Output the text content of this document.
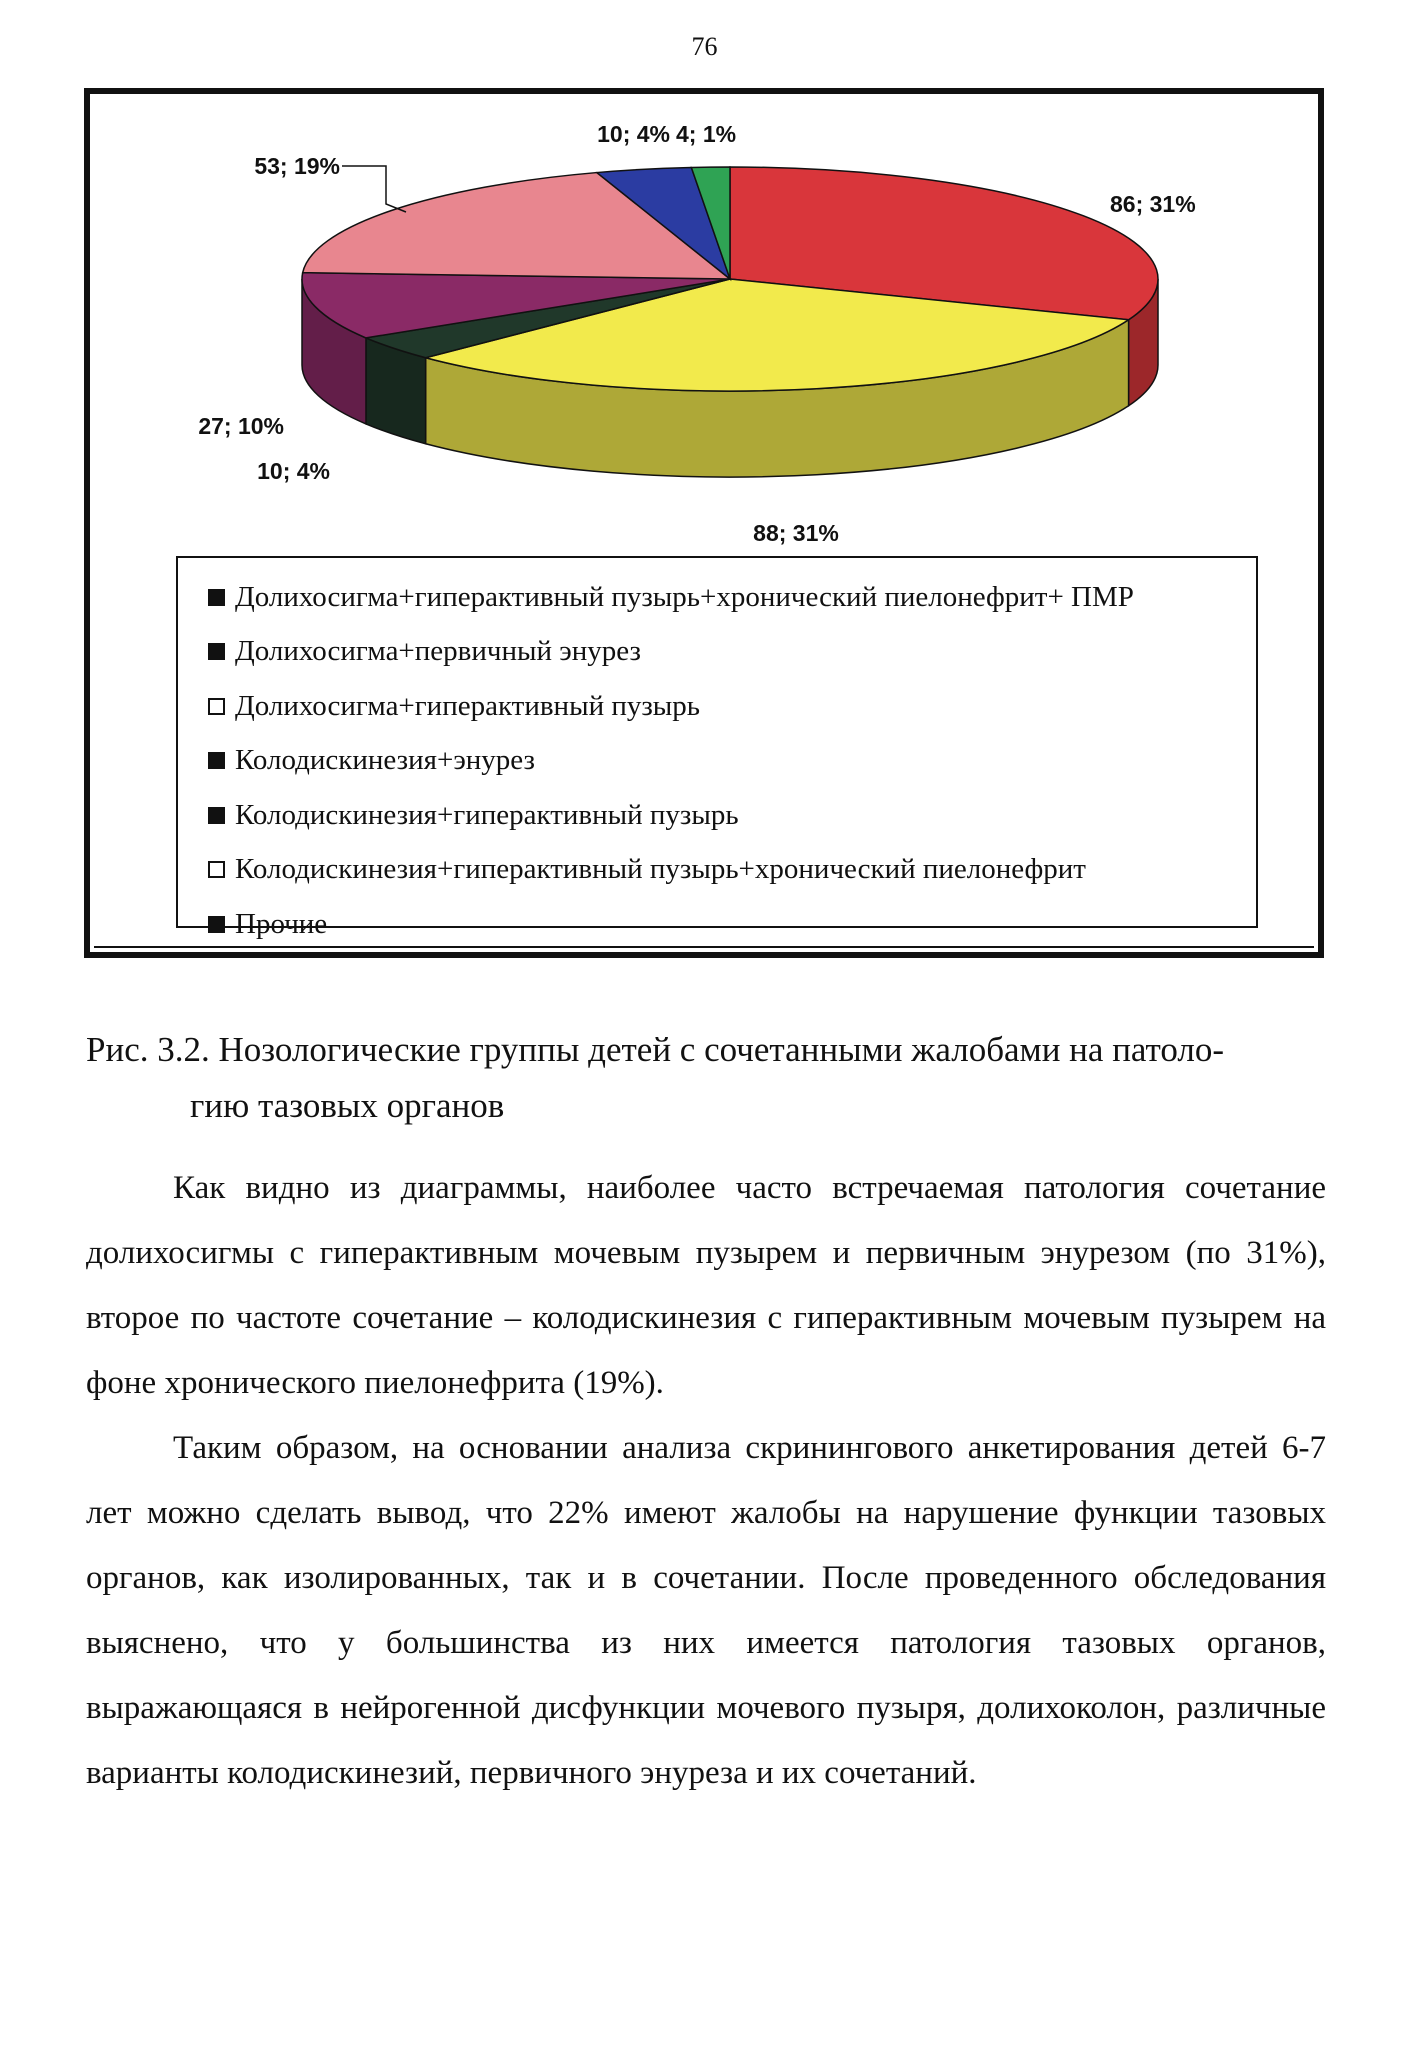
76
86; 31%
88; 31%
10; 4%
27; 10%
53; 19%
10; 4% 4; 1%
Долихосигма+гиперактивный пузырь+хронический пиелонефрит+ ПМР
Долихосигма+первичный энурез
Долихосигма+гиперактивный пузырь
Колодискинезия+энурез
Колодискинезия+гиперактивный пузырь
Колодискинезия+гиперактивный пузырь+хронический пиелонефрит
Прочие
Рис. 3.2. Нозологические группы детей с сочетанными жалобами на патоло-
гию тазовых органов

Как видно из диаграммы, наиболее часто встречаемая патология сочетание долихосигмы с гиперактивным мочевым пузырем и первичным энурезом (по 31%), второе по частоте сочетание – колодискинезия с гиперактивным мочевым пузырем на фоне хронического пиелонефрита (19%).

Таким образом, на основании анализа скринингового анкетирования детей 6-7 лет можно сделать вывод, что 22% имеют жалобы на нарушение функции тазовых органов, как изолированных, так и в сочетании. После проведенного обследования выяснено, что у большинства из них имеется патология тазовых органов, выражающаяся в нейрогенной дисфункции мочевого пузыря, долихоколон, различные варианты колодискинезий, первичного энуреза и их сочетаний.
